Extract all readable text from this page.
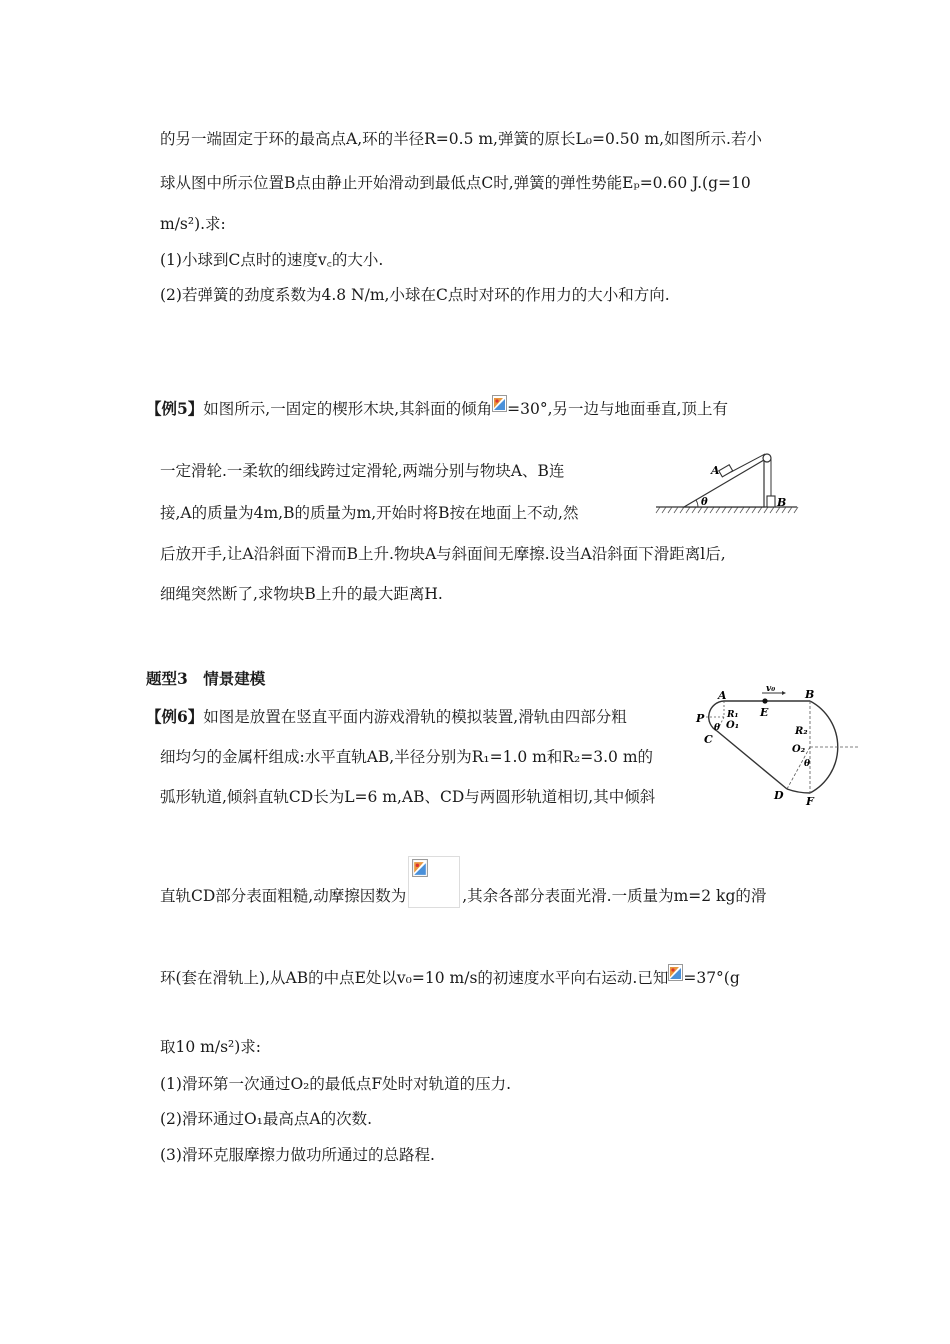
的另一端固定于环的最高点A,环的半径R=0.5 m,弹簧的原长L₀=0.50 m,如图所示.若小
球从图中所示位置B点由静止开始滑动到最低点C时,弹簧的弹性势能Eₚ=0.60 J.(g=10
m/s²).求:
(1)小球到C点时的速度v꜀的大小.
(2)若弹簧的劲度系数为4.8 N/m,小球在C点时对环的作用力的大小和方向.
【例5】如图所示,一固定的楔形木块,其斜面的倾角 =30°,另一边与地面垂直,顶上有
一定滑轮.一柔软的细线跨过定滑轮,两端分别与物块A、B连
接,A的质量为4m,B的质量为m,开始时将B按在地面上不动,然
后放开手,让A沿斜面下滑而B上升.物块A与斜面间无摩擦.设当A沿斜面下滑距离l后,
细绳突然断了,求物块B上升的最大距离H.
θ
A
B
题型3　情景建模
【例6】如图是放置在竖直平面内游戏滑轨的模拟装置,滑轨由四部分粗
细均匀的金属杆组成:水平直轨AB,半径分别为R₁=1.0 m和R₂=3.0 m的
弧形轨道,倾斜直轨CD长为L=6 m,AB、CD与两圆形轨道相切,其中倾斜
直轨CD部分表面粗糙,动摩擦因数为	,其余各部分表面光滑.一质量为m=2 kg的滑
环(套在滑轨上),从AB的中点E处以v₀=10 m/s的初速度水平向右运动.已知 =37°(g
取10 m/s²)求:
(1)滑环第一次通过O₂的最低点F处时对轨道的压力.
(2)滑环通过O₁最高点A的次数.
(3)滑环克服摩擦力做功所通过的总路程.
v₀
A	B
E
P
C
D F
R₁
O₁
θ	R₂
O₂
θ
